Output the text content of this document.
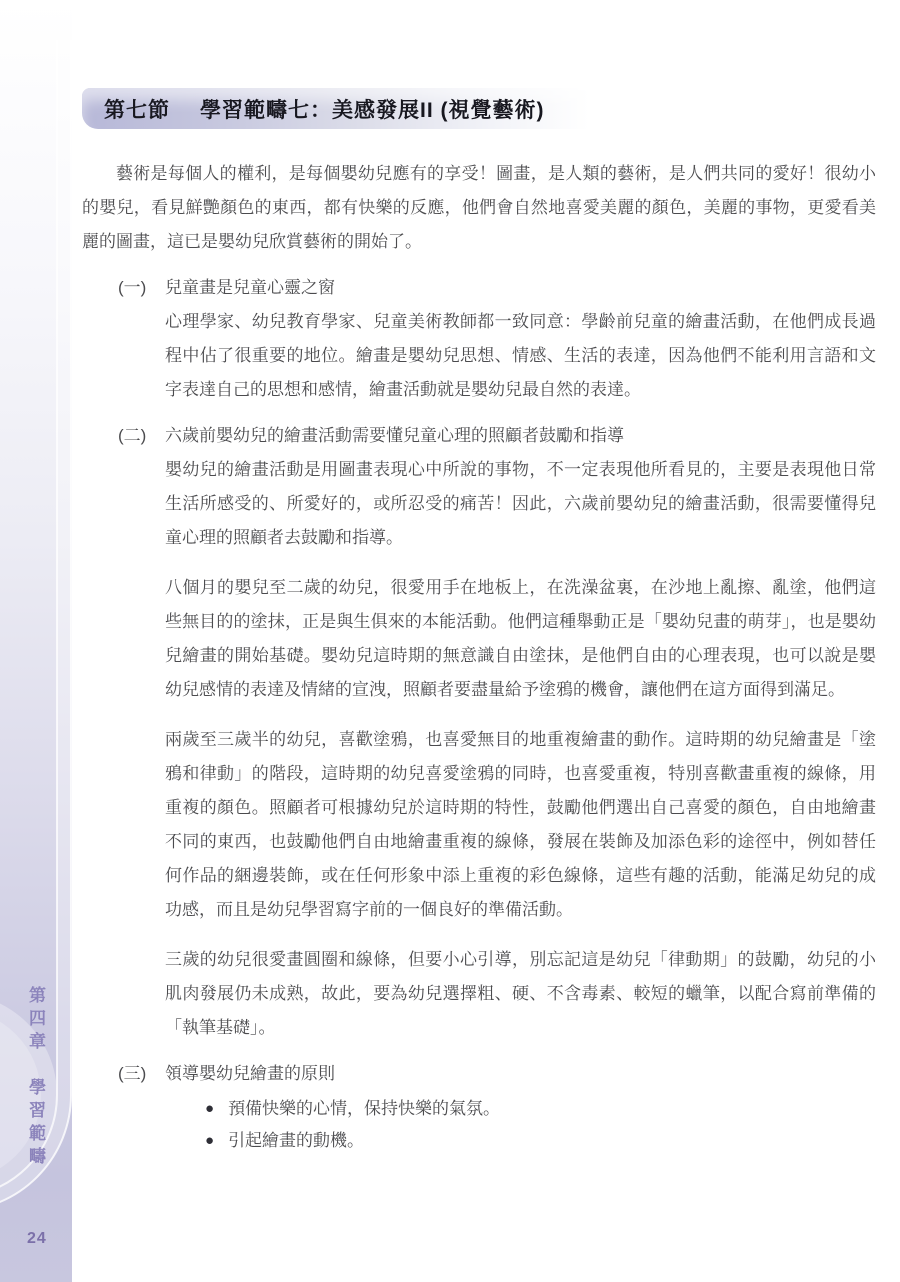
第四章
學習範疇
24
第七節 學習範疇七：美感發展II (視覺藝術)

藝術是每個人的權利，是每個嬰幼兒應有的享受！圖畫，是人類的藝術，是人們共同的愛好！很幼小的嬰兒，看見鮮艷顏色的東西，都有快樂的反應，他們會自然地喜愛美麗的顏色，美麗的事物，更愛看美麗的圖畫，這已是嬰幼兒欣賞藝術的開始了。

(一) 兒童畫是兒童心靈之窗

心理學家、幼兒教育學家、兒童美術教師都一致同意：學齡前兒童的繪畫活動，在他們成長過程中佔了很重要的地位。繪畫是嬰幼兒思想、情感、生活的表達，因為他們不能利用言語和文字表達自己的思想和感情，繪畫活動就是嬰幼兒最自然的表達。

(二) 六歲前嬰幼兒的繪畫活動需要懂兒童心理的照顧者鼓勵和指導

嬰幼兒的繪畫活動是用圖畫表現心中所說的事物，不一定表現他所看見的，主要是表現他日常生活所感受的、所愛好的，或所忍受的痛苦！因此，六歲前嬰幼兒的繪畫活動，很需要懂得兒童心理的照顧者去鼓勵和指導。

八個月的嬰兒至二歲的幼兒，很愛用手在地板上，在洗澡盆裏，在沙地上亂擦、亂塗，他們這些無目的的塗抹，正是與生俱來的本能活動。他們這種舉動正是「嬰幼兒畫的萌芽」，也是嬰幼兒繪畫的開始基礎。嬰幼兒這時期的無意識自由塗抹，是他們自由的心理表現，也可以說是嬰幼兒感情的表達及情緒的宣洩，照顧者要盡量給予塗鴉的機會，讓他們在這方面得到滿足。

兩歲至三歲半的幼兒，喜歡塗鴉，也喜愛無目的地重複繪畫的動作。這時期的幼兒繪畫是「塗鴉和律動」的階段，這時期的幼兒喜愛塗鴉的同時，也喜愛重複，特別喜歡畫重複的線條，用重複的顏色。照顧者可根據幼兒於這時期的特性，鼓勵他們選出自己喜愛的顏色，自由地繪畫不同的東西，也鼓勵他們自由地繪畫重複的線條，發展在裝飾及加添色彩的途徑中，例如替任何作品的綑邊裝飾，或在任何形象中添上重複的彩色線條，這些有趣的活動，能滿足幼兒的成功感，而且是幼兒學習寫字前的一個良好的準備活動。

三歲的幼兒很愛畫圓圈和線條，但要小心引導，別忘記這是幼兒「律動期」的鼓勵，幼兒的小肌肉發展仍未成熟，故此，要為幼兒選擇粗、硬、不含毒素、較短的蠟筆，以配合寫前準備的「執筆基礎」。

(三) 領導嬰幼兒繪畫的原則
● 預備快樂的心情，保持快樂的氣氛。
● 引起繪畫的動機。
